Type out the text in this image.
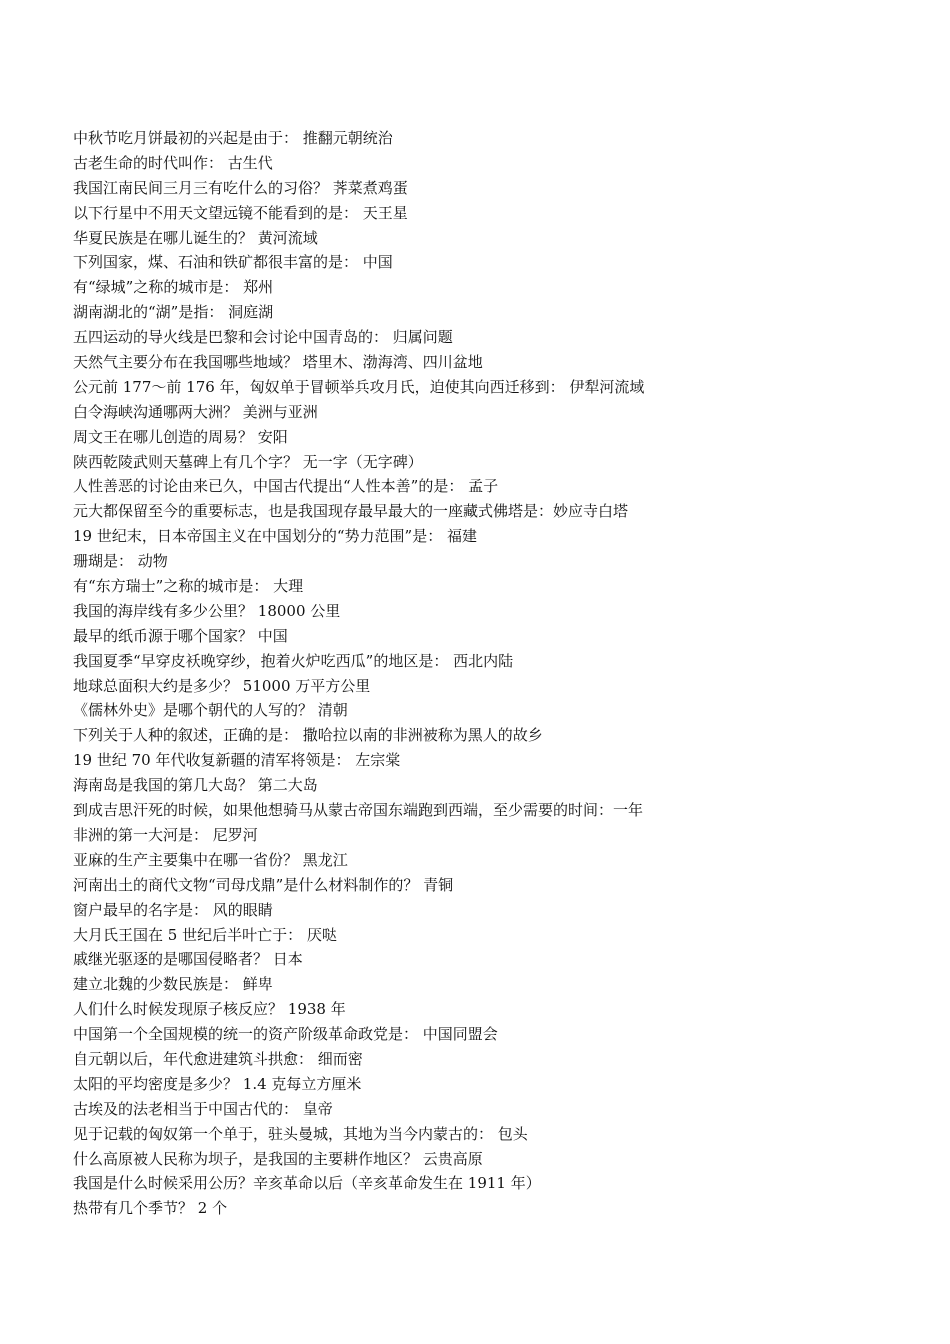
中秋节吃月饼最初的兴起是由于： 推翻元朝统治
古老生命的时代叫作： 古生代
我国江南民间三月三有吃什么的习俗？ 荠菜煮鸡蛋
以下行星中不用天文望远镜不能看到的是： 天王星
华夏民族是在哪儿诞生的？ 黄河流域
下列国家，煤、石油和铁矿都很丰富的是： 中国
有“绿城”之称的城市是： 郑州
湖南湖北的“湖”是指： 洞庭湖
五四运动的导火线是巴黎和会讨论中国青岛的： 归属问题
天然气主要分布在我国哪些地域？ 塔里木、渤海湾、四川盆地
公元前 177～前 176 年，匈奴单于冒顿举兵攻月氏，迫使其向西迁移到： 伊犁河流域
白令海峡沟通哪两大洲？ 美洲与亚洲
周文王在哪儿创造的周易？ 安阳
陕西乾陵武则天墓碑上有几个字？ 无一字（无字碑）
人性善恶的讨论由来已久，中国古代提出“人性本善”的是： 孟子
元大都保留至今的重要标志，也是我国现存最早最大的一座藏式佛塔是：妙应寺白塔
19 世纪末，日本帝国主义在中国划分的“势力范围”是： 福建
珊瑚是： 动物
有“东方瑞士”之称的城市是： 大理
我国的海岸线有多少公里？ 18000 公里
最早的纸币源于哪个国家？ 中国
我国夏季“早穿皮袄晚穿纱，抱着火炉吃西瓜”的地区是： 西北内陆
地球总面积大约是多少？ 51000 万平方公里
《儒林外史》是哪个朝代的人写的？ 清朝
下列关于人种的叙述，正确的是： 撒哈拉以南的非洲被称为黑人的故乡
19 世纪 70 年代收复新疆的清军将领是： 左宗棠
海南岛是我国的第几大岛？ 第二大岛
到成吉思汗死的时候，如果他想骑马从蒙古帝国东端跑到西端，至少需要的时间：一年
非洲的第一大河是： 尼罗河
亚麻的生产主要集中在哪一省份？ 黑龙江
河南出土的商代文物“司母戊鼎”是什么材料制作的？ 青铜
窗户最早的名字是： 风的眼睛
大月氏王国在 5 世纪后半叶亡于： 厌哒
戚继光驱逐的是哪国侵略者？ 日本
建立北魏的少数民族是： 鲜卑
人们什么时候发现原子核反应？ 1938 年
中国第一个全国规模的统一的资产阶级革命政党是： 中国同盟会
自元朝以后，年代愈进建筑斗拱愈： 细而密
太阳的平均密度是多少？ 1.4 克每立方厘米
古埃及的法老相当于中国古代的： 皇帝
见于记载的匈奴第一个单于，驻头曼城，其地为当今内蒙古的： 包头
什么高原被人民称为坝子，是我国的主要耕作地区？ 云贵高原
我国是什么时候采用公历？辛亥革命以后（辛亥革命发生在 1911 年）
热带有几个季节？ 2 个
